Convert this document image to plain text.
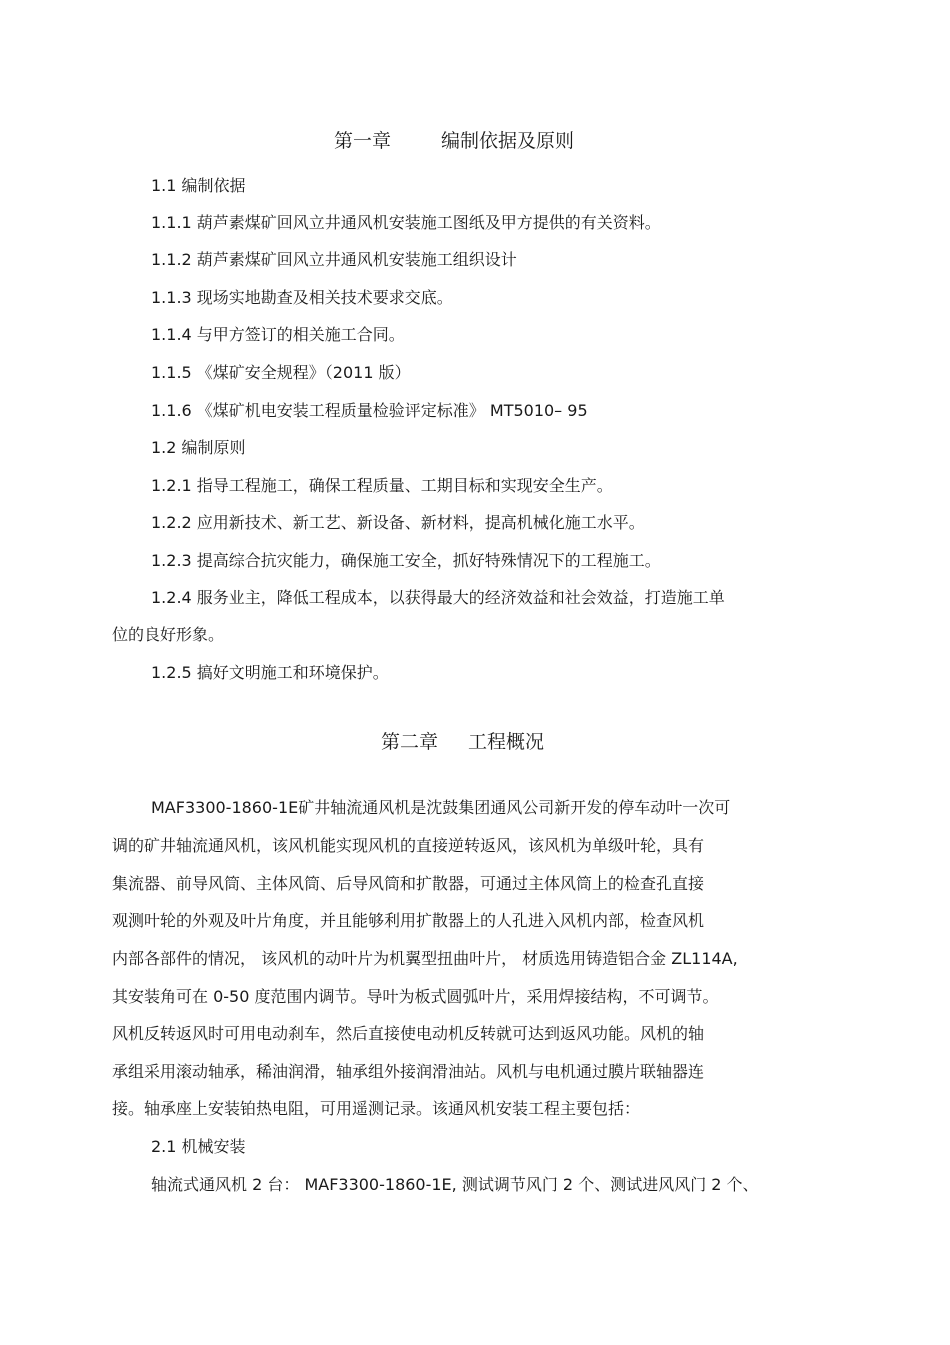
第一章	编制依据及原则
1.1 编制依据
1.1.1 葫芦素煤矿回风立井通风机安装施工图纸及甲方提供的有关资料。
1.1.2 葫芦素煤矿回风立井通风机安装施工组织设计
1.1.3 现场实地勘查及相关技术要求交底。
1.1.4 与甲方签订的相关施工合同。
1.1.5 《煤矿安全规程》（2011 版）
1.1.6 《煤矿机电安装工程质量检验评定标准》 MT5010– 95
1.2 编制原则
1.2.1 指导工程施工，确保工程质量、工期目标和实现安全生产。
1.2.2 应用新技术、新工艺、新设备、新材料，提高机械化施工水平。
1.2.3 提高综合抗灾能力，确保施工安全，抓好特殊情况下的工程施工。
1.2.4 服务业主，降低工程成本，以获得最大的经济效益和社会效益，打造施工单
位的良好形象。
1.2.5 搞好文明施工和环境保护。
第二章 工程概况
MAF3300-1860-1E矿井轴流通风机是沈鼓集团通风公司新开发的停车动叶一次可
调的矿井轴流通风机，该风机能实现风机的直接逆转返风，该风机为单级叶轮，具有
集流器、前导风筒、主体风筒、后导风筒和扩散器，可通过主体风筒上的检查孔直接
观测叶轮的外观及叶片角度，并且能够利用扩散器上的人孔进入风机内部，检查风机
内部各部件的情况， 该风机的动叶片为机翼型扭曲叶片， 材质选用铸造铝合金 ZL114A,
其安装角可在 0-50 度范围内调节。导叶为板式圆弧叶片，采用焊接结构，不可调节。
风机反转返风时可用电动刹车，然后直接使电动机反转就可达到返风功能。风机的轴
承组采用滚动轴承，稀油润滑，轴承组外接润滑油站。风机与电机通过膜片联轴器连
接。轴承座上安装铂热电阻，可用遥测记录。该通风机安装工程主要包括：
2.1 机械安装
轴流式通风机 2 台： MAF3300-1860-1E, 测试调节风门 2 个、测试进风风门 2 个、
